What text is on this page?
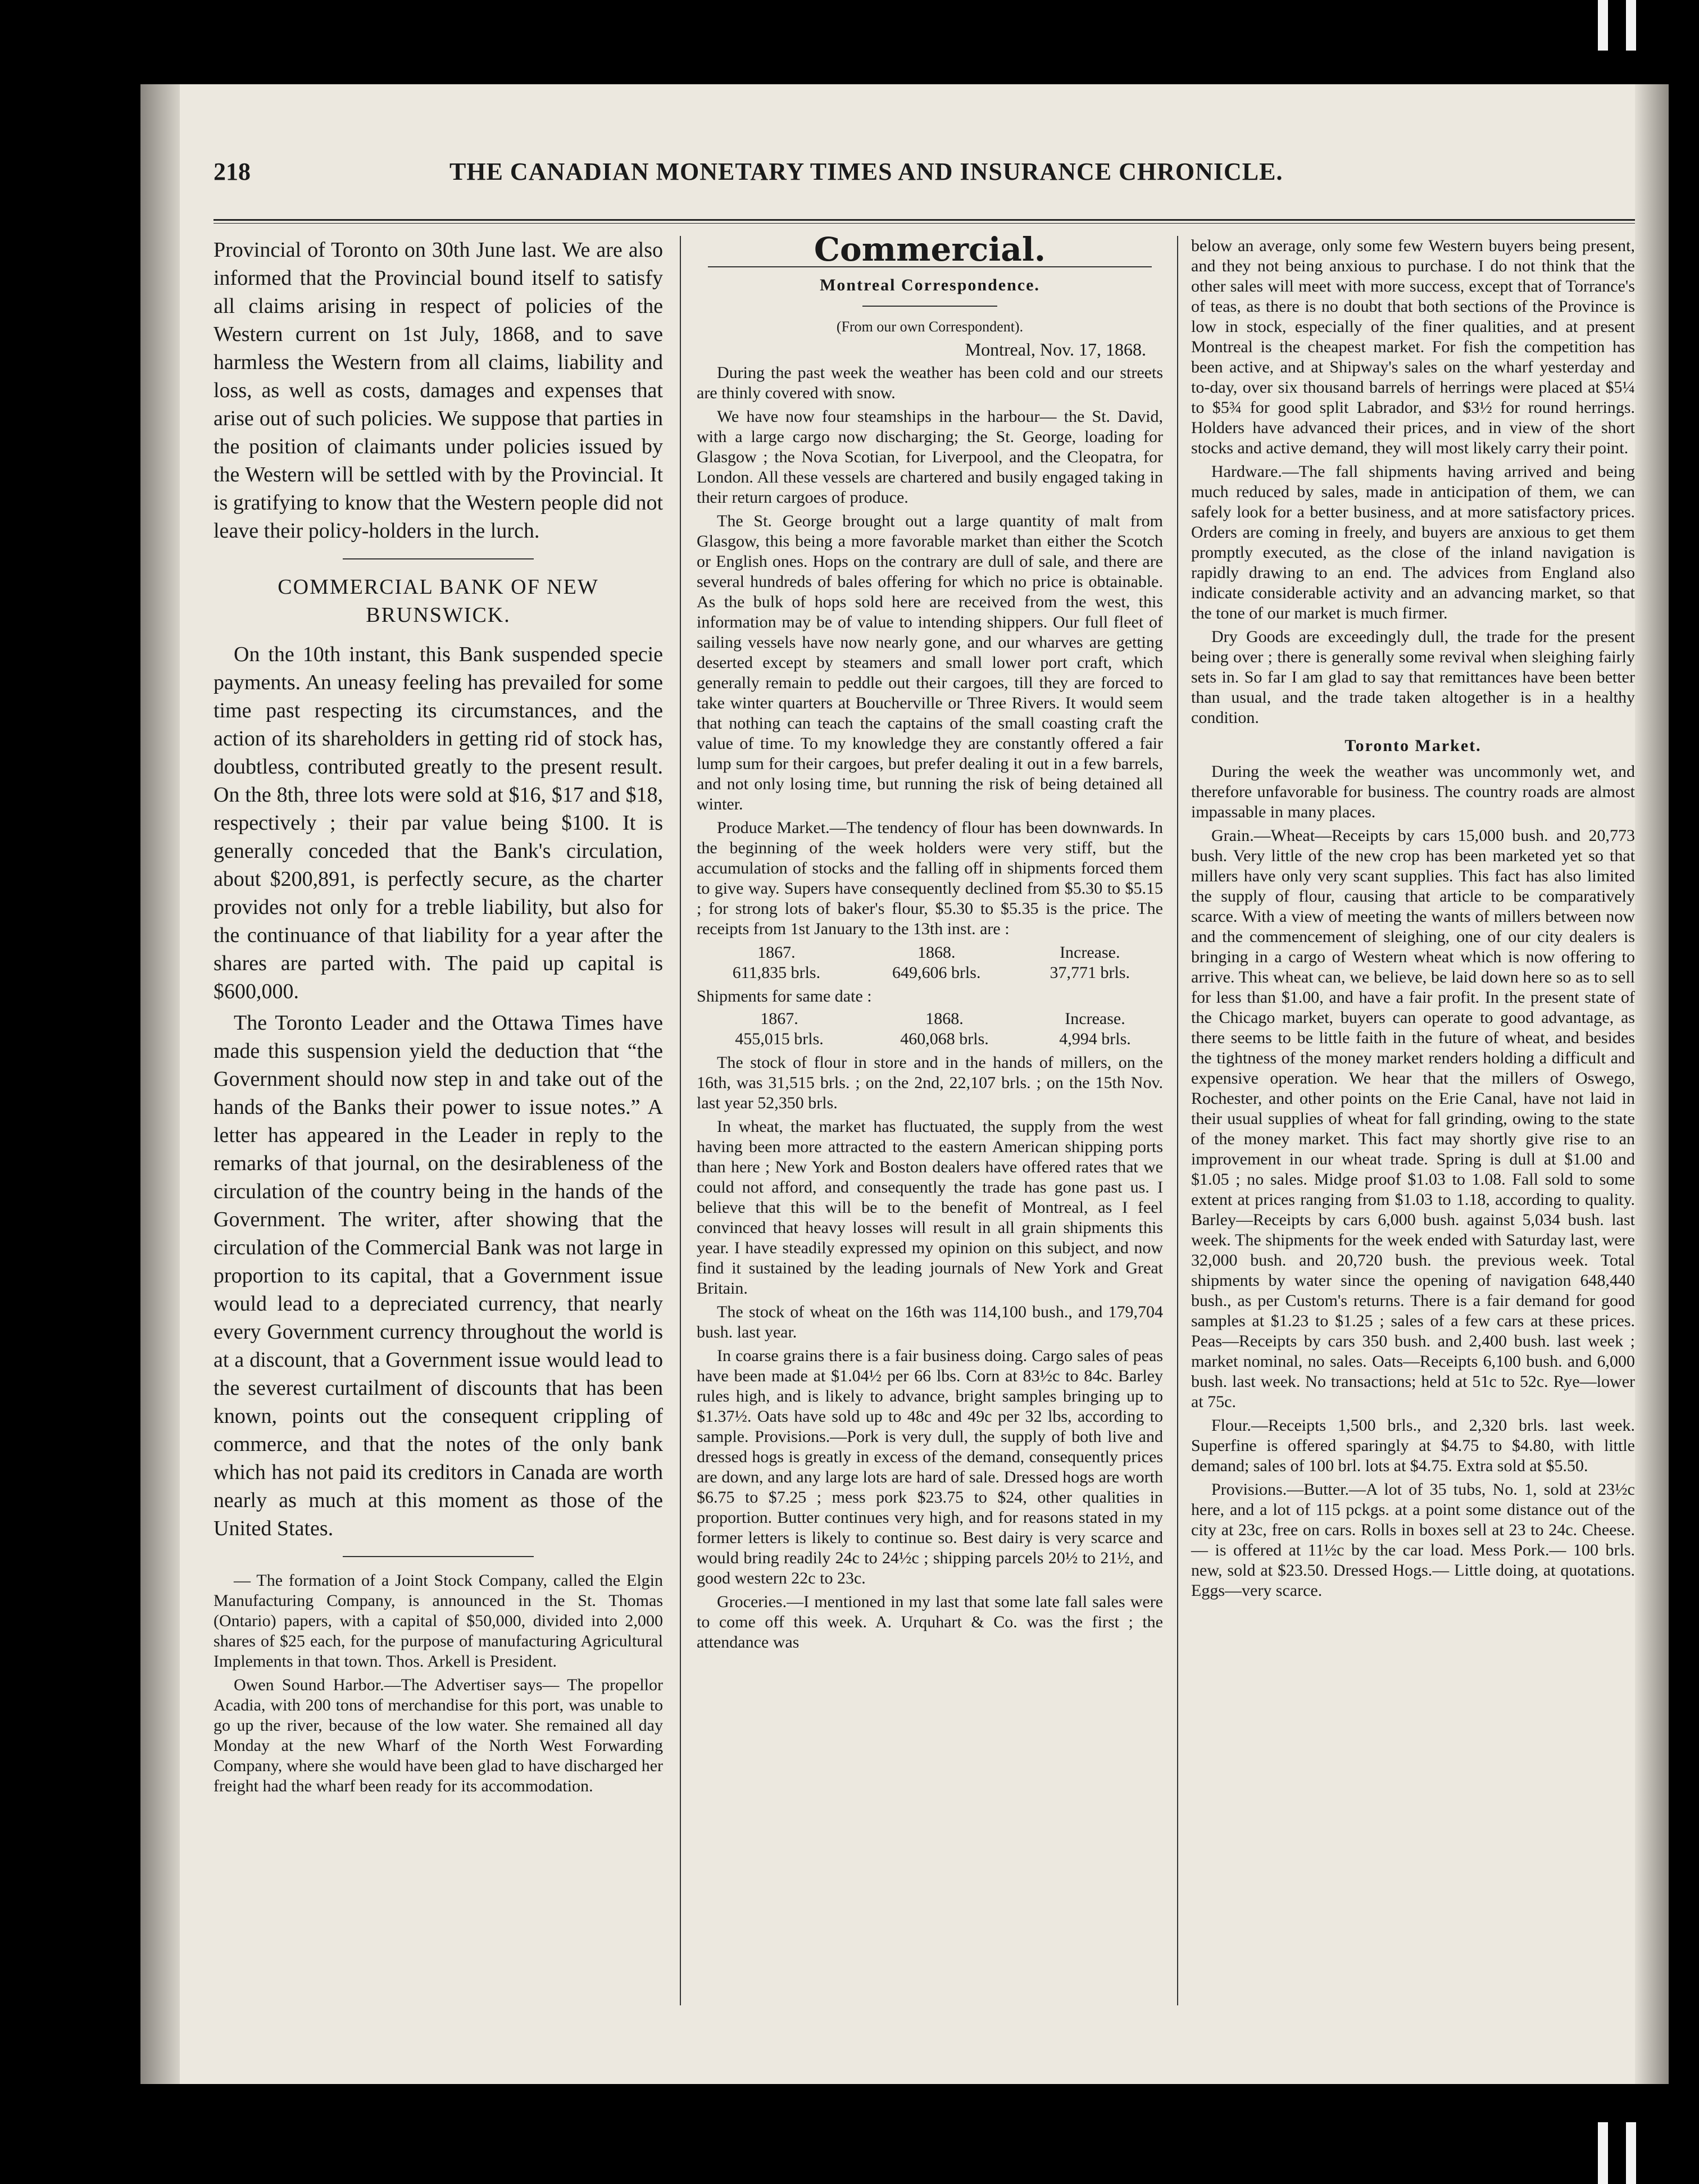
218	THE CANADIAN MONETARY TIMES AND INSURANCE CHRONICLE.

Provincial of Toronto on 30th June last. We are also informed that the Provincial bound itself to satisfy all claims arising in respect of policies of the Western current on 1st July, 1868, and to save harmless the Western from all claims, liability and loss, as well as costs, damages and expenses that arise out of such policies. We suppose that parties in the position of claimants under policies issued by the Western will be settled with by the Provincial. It is gratifying to know that the Western people did not leave their policy-holders in the lurch.

COMMERCIAL BANK OF NEW BRUNSWICK.

On the 10th instant, this Bank suspended specie payments. An uneasy feeling has prevailed for some time past respecting its circumstances, and the action of its shareholders in getting rid of stock has, doubtless, contributed greatly to the present result. On the 8th, three lots were sold at $16, $17 and $18, respectively ; their par value being $100. It is generally conceded that the Bank's circulation, about $200,891, is perfectly secure, as the charter provides not only for a treble liability, but also for the continuance of that liability for a year after the shares are parted with. The paid up capital is $600,000.

The Toronto Leader and the Ottawa Times have made this suspension yield the deduction that “the Government should now step in and take out of the hands of the Banks their power to issue notes.” A letter has appeared in the Leader in reply to the remarks of that journal, on the desirableness of the circulation of the country being in the hands of the Government. The writer, after showing that the circulation of the Commercial Bank was not large in proportion to its capital, that a Government issue would lead to a depreciated currency, that nearly every Government currency throughout the world is at a discount, that a Government issue would lead to the severest curtailment of discounts that has been known, points out the consequent crippling of commerce, and that the notes of the only bank which has not paid its creditors in Canada are worth nearly as much at this moment as those of the United States.

— The formation of a Joint Stock Company, called the Elgin Manufacturing Company, is announced in the St. Thomas (Ontario) papers, with a capital of $50,000, divided into 2,000 shares of $25 each, for the purpose of manufacturing Agricultural Implements in that town. Thos. Arkell is President.

Owen Sound Harbor.—The Advertiser says— The propellor Acadia, with 200 tons of merchandise for this port, was unable to go up the river, because of the low water. She remained all day Monday at the new Wharf of the North West Forwarding Company, where she would have been glad to have discharged her freight had the wharf been ready for its accommodation.

Commercial.
Montreal Correspondence.
(From our own Correspondent).
Montreal, Nov. 17, 1868.

During the past week the weather has been cold and our streets are thinly covered with snow.

We have now four steamships in the harbour— the St. David, with a large cargo now discharging; the St. George, loading for Glasgow ; the Nova Scotian, for Liverpool, and the Cleopatra, for London. All these vessels are chartered and busily engaged taking in their return cargoes of produce.

The St. George brought out a large quantity of malt from Glasgow, this being a more favorable market than either the Scotch or English ones. Hops on the contrary are dull of sale, and there are several hundreds of bales offering for which no price is obtainable. As the bulk of hops sold here are received from the west, this information may be of value to intending shippers. Our full fleet of sailing vessels have now nearly gone, and our wharves are getting deserted except by steamers and small lower port craft, which generally remain to peddle out their cargoes, till they are forced to take winter quarters at Boucherville or Three Rivers. It would seem that nothing can teach the captains of the small coasting craft the value of time. To my knowledge they are constantly offered a fair lump sum for their cargoes, but prefer dealing it out in a few barrels, and not only losing time, but running the risk of being detained all winter.

Produce Market.—The tendency of flour has been downwards. In the beginning of the week holders were very stiff, but the accumulation of stocks and the falling off in shipments forced them to give way. Supers have consequently declined from $5.30 to $5.15 ; for strong lots of baker's flour, $5.30 to $5.35 is the price. The receipts from 1st January to the 13th inst. are :

1867.	1868.	Increase.
611,835 brls.	649,606 brls.	37,771 brls.
Shipments for same date :
1867.	1868.	Increase.
455,015 brls.	460,068 brls.	4,994 brls.

The stock of flour in store and in the hands of millers, on the 16th, was 31,515 brls. ; on the 2nd, 22,107 brls. ; on the 15th Nov. last year 52,350 brls.

In wheat, the market has fluctuated, the supply from the west having been more attracted to the eastern American shipping ports than here ; New York and Boston dealers have offered rates that we could not afford, and consequently the trade has gone past us. I believe that this will be to the benefit of Montreal, as I feel convinced that heavy losses will result in all grain shipments this year. I have steadily expressed my opinion on this subject, and now find it sustained by the leading journals of New York and Great Britain.

The stock of wheat on the 16th was 114,100 bush., and 179,704 bush. last year.

In coarse grains there is a fair business doing. Cargo sales of peas have been made at $1.04½ per 66 lbs. Corn at 83½c to 84c. Barley rules high, and is likely to advance, bright samples bringing up to $1.37½. Oats have sold up to 48c and 49c per 32 lbs, according to sample. Provisions.—Pork is very dull, the supply of both live and dressed hogs is greatly in excess of the demand, consequently prices are down, and any large lots are hard of sale. Dressed hogs are worth $6.75 to $7.25 ; mess pork $23.75 to $24, other qualities in proportion. Butter continues very high, and for reasons stated in my former letters is likely to continue so. Best dairy is very scarce and would bring readily 24c to 24½c ; shipping parcels 20½ to 21½, and good western 22c to 23c.

Groceries.—I mentioned in my last that some late fall sales were to come off this week. A. Urquhart & Co. was the first ; the attendance was

below an average, only some few Western buyers being present, and they not being anxious to purchase. I do not think that the other sales will meet with more success, except that of Torrance's of teas, as there is no doubt that both sections of the Province is low in stock, especially of the finer qualities, and at present Montreal is the cheapest market. For fish the competition has been active, and at Shipway's sales on the wharf yesterday and to-day, over six thousand barrels of herrings were placed at $5¼ to $5¾ for good split Labrador, and $3½ for round herrings. Holders have advanced their prices, and in view of the short stocks and active demand, they will most likely carry their point.

Hardware.—The fall shipments having arrived and being much reduced by sales, made in anticipation of them, we can safely look for a better business, and at more satisfactory prices. Orders are coming in freely, and buyers are anxious to get them promptly executed, as the close of the inland navigation is rapidly drawing to an end. The advices from England also indicate considerable activity and an advancing market, so that the tone of our market is much firmer.

Dry Goods are exceedingly dull, the trade for the present being over ; there is generally some revival when sleighing fairly sets in. So far I am glad to say that remittances have been better than usual, and the trade taken altogether is in a healthy condition.

Toronto Market.

During the week the weather was uncommonly wet, and therefore unfavorable for business. The country roads are almost impassable in many places.

Grain.—Wheat—Receipts by cars 15,000 bush. and 20,773 bush. Very little of the new crop has been marketed yet so that millers have only very scant supplies. This fact has also limited the supply of flour, causing that article to be comparatively scarce. With a view of meeting the wants of millers between now and the commencement of sleighing, one of our city dealers is bringing in a cargo of Western wheat which is now offering to arrive. This wheat can, we believe, be laid down here so as to sell for less than $1.00, and have a fair profit. In the present state of the Chicago market, buyers can operate to good advantage, as there seems to be little faith in the future of wheat, and besides the tightness of the money market renders holding a difficult and expensive operation. We hear that the millers of Oswego, Rochester, and other points on the Erie Canal, have not laid in their usual supplies of wheat for fall grinding, owing to the state of the money market. This fact may shortly give rise to an improvement in our wheat trade. Spring is dull at $1.00 and $1.05 ; no sales. Midge proof $1.03 to 1.08. Fall sold to some extent at prices ranging from $1.03 to 1.18, according to quality. Barley—Receipts by cars 6,000 bush. against 5,034 bush. last week. The shipments for the week ended with Saturday last, were 32,000 bush. and 20,720 bush. the previous week. Total shipments by water since the opening of navigation 648,440 bush., as per Custom's returns. There is a fair demand for good samples at $1.23 to $1.25 ; sales of a few cars at these prices. Peas—Receipts by cars 350 bush. and 2,400 bush. last week ; market nominal, no sales. Oats—Receipts 6,100 bush. and 6,000 bush. last week. No transactions; held at 51c to 52c. Rye—lower at 75c.

Flour.—Receipts 1,500 brls., and 2,320 brls. last week. Superfine is offered sparingly at $4.75 to $4.80, with little demand; sales of 100 brl. lots at $4.75. Extra sold at $5.50.

Provisions.—Butter.—A lot of 35 tubs, No. 1, sold at 23½c here, and a lot of 115 pckgs. at a point some distance out of the city at 23c, free on cars. Rolls in boxes sell at 23 to 24c. Cheese.— is offered at 11½c by the car load. Mess Pork.— 100 brls. new, sold at $23.50. Dressed Hogs.— Little doing, at quotations. Eggs—very scarce.
